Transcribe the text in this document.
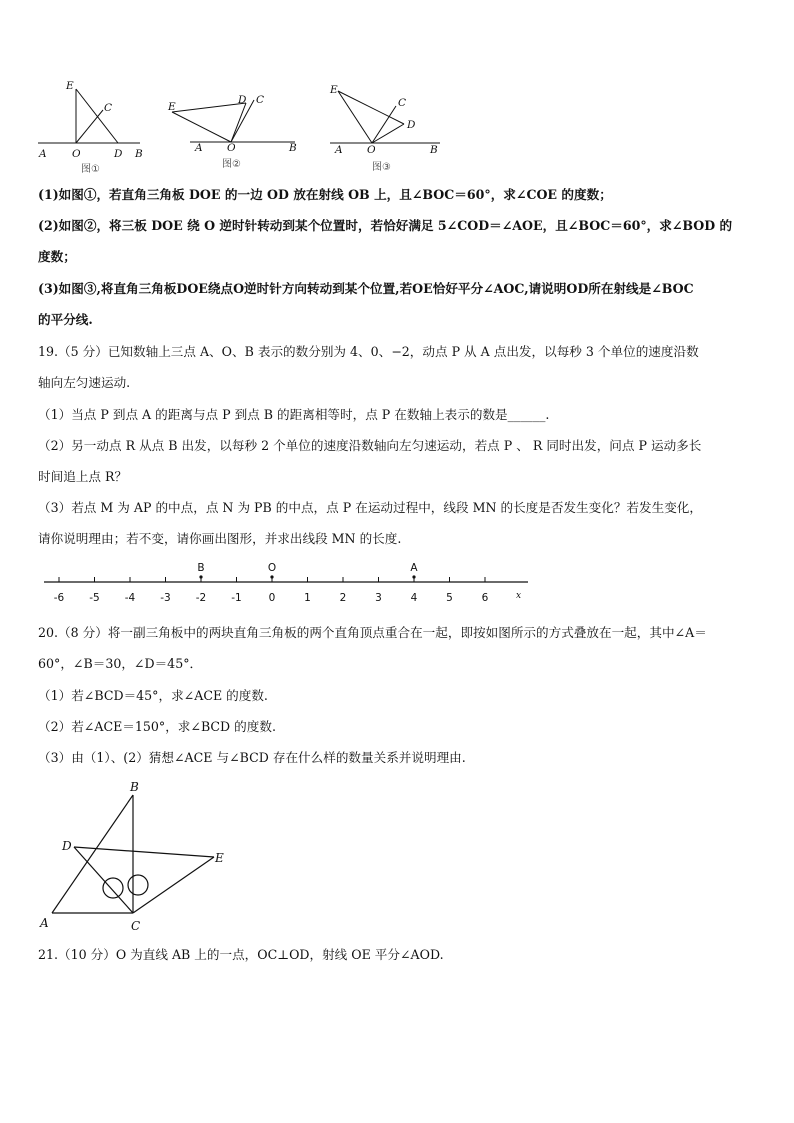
E
C
A O	D B
图①
E
D C
A O	B
图②
E
C
D
A O	B
图③
(1)如图①，若直角三角板 DOE 的一边 OD 放在射线 OB 上，且∠BOC＝60°，求∠COE 的度数；
(2)如图②，将三板 DOE 绕 O 逆时针转动到某个位置时，若恰好满足 5∠COD＝∠AOE，且∠BOC＝60°，求∠BOD 的
度数；
(3)如图③,将直角三角板DOE绕点O逆时针方向转动到某个位置,若OE恰好平分∠AOC,请说明OD所在射线是∠BOC
的平分线.
19.（5 分）已知数轴上三点 A、O、B 表示的数分别为 4、0、−2，动点 P 从 A 点出发，以每秒 3 个单位的速度沿数
轴向左匀速运动.
（1）当点 P 到点 A 的距离与点 P 到点 B 的距离相等时，点 P 在数轴上表示的数是______.
（2）另一动点 R 从点 B 出发，以每秒 2 个单位的速度沿数轴向左匀速运动，若点 P 、 R 同时出发，问点 P 运动多长
时间追上点 R？
（3）若点 M 为 AP 的中点，点 N 为 PB 的中点，点 P 在运动过程中，线段 MN 的长度是否发生变化？若发生变化，
请你说明理由；若不变，请你画出图形，并求出线段 MN 的长度.
-6 -5 -4 -3 -2 -1	0	1	2	3	4	5	6
B	O	A
x
20.（8 分）将一副三角板中的两块直角三角板的两个直角顶点重合在一起，即按如图所示的方式叠放在一起，其中∠A＝
60°，∠B＝30，∠D＝45°．
（1）若∠BCD＝45°，求∠ACE 的度数.
（2）若∠ACE＝150°，求∠BCD 的度数.
（3）由（1）、(2）猜想∠ACE 与∠BCD 存在什么样的数量关系并说明理由.
B
D
E
A	C
21.（10 分）O 为直线 AB 上的一点，OC⊥OD，射线 OE 平分∠AOD.
